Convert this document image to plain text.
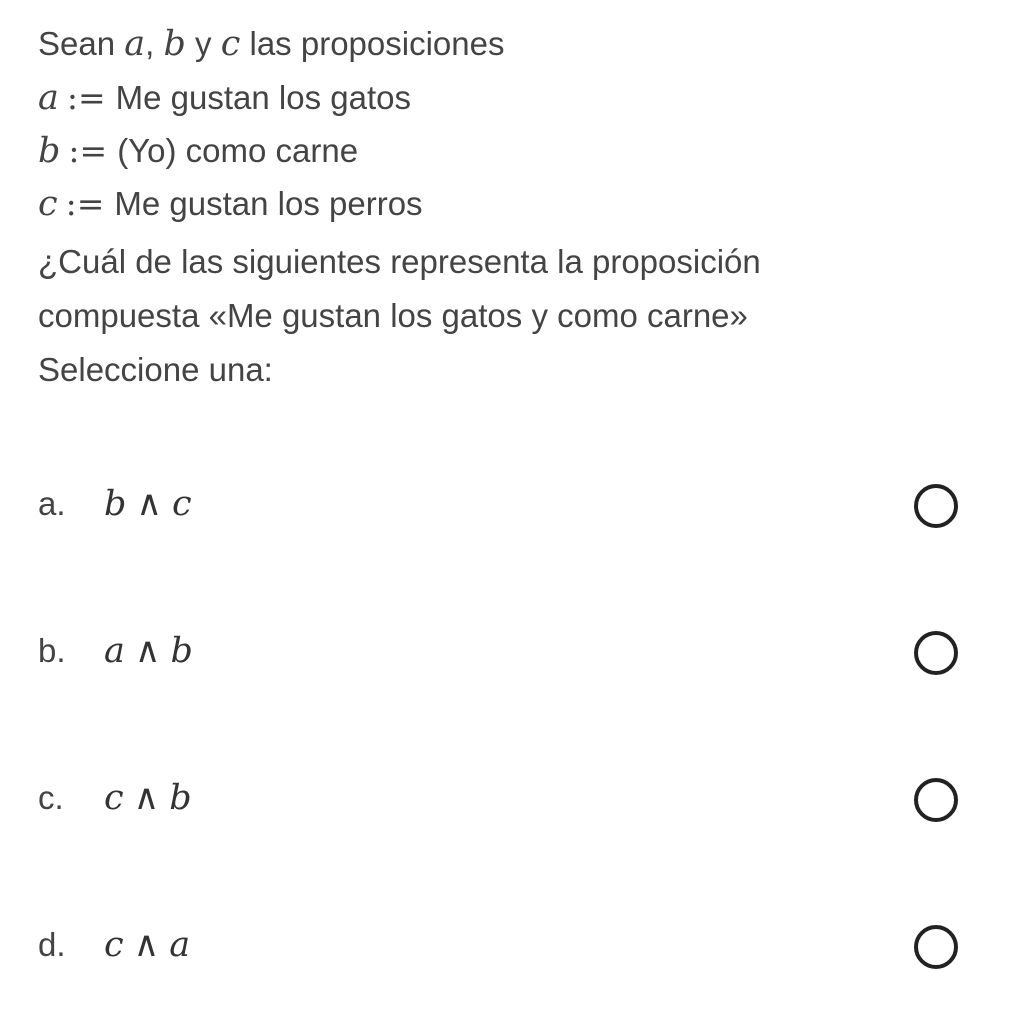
Sean a, b y c las proposiciones
a := Me gustan los gatos
b := (Yo) como carne
c := Me gustan los perros
¿Cuál de las siguientes representa la proposición
compuesta «Me gustan los gatos y como carne»
Seleccione una:
a. b ∧ c
b. a ∧ b
c. c ∧ b
d. c ∧ a
